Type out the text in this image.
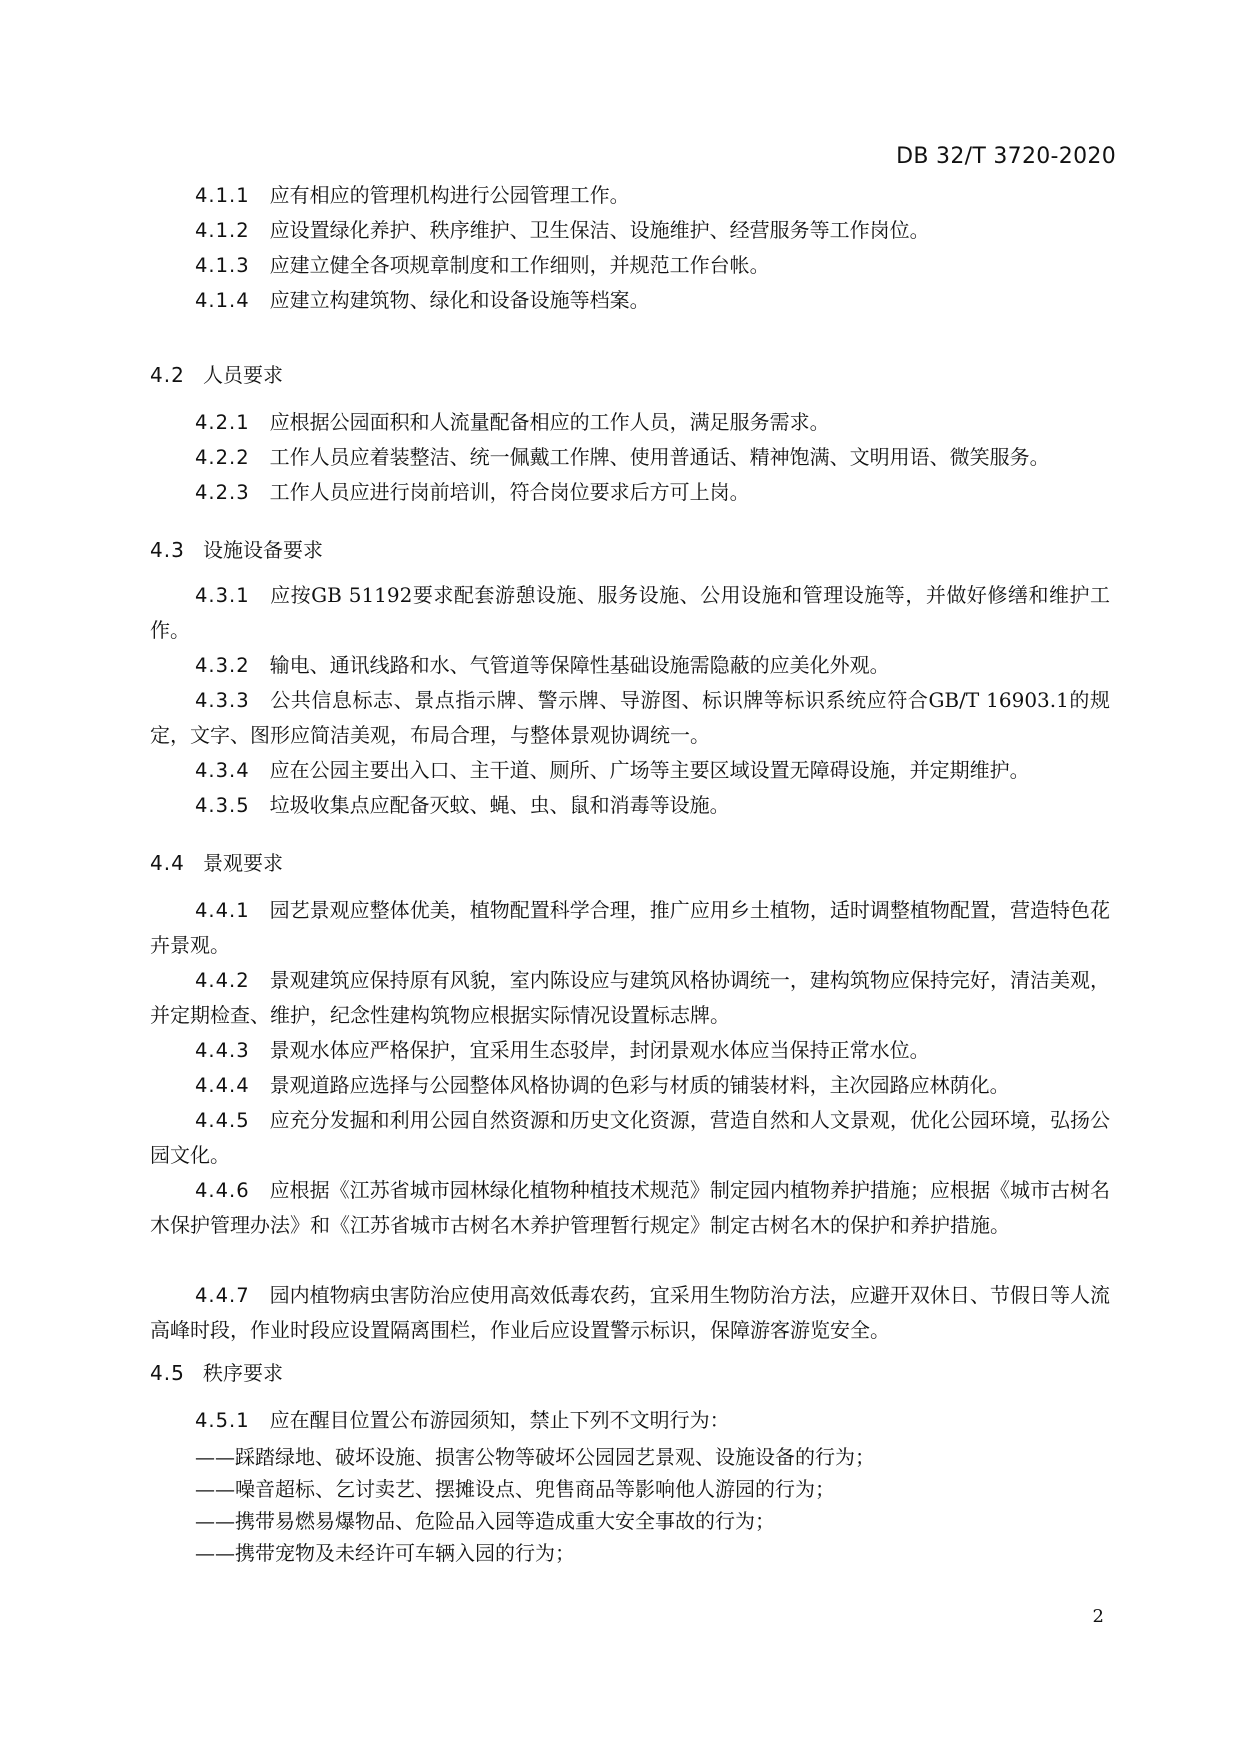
DB 32/T 3720-2020

4.1.1 应有相应的管理机构进行公园管理工作。

4.1.2 应设置绿化养护、秩序维护、卫生保洁、设施维护、经营服务等工作岗位。

4.1.3 应建立健全各项规章制度和工作细则，并规范工作台帐。

4.1.4 应建立构建筑物、绿化和设备设施等档案。

4.2 人员要求

4.2.1 应根据公园面积和人流量配备相应的工作人员，满足服务需求。

4.2.2 工作人员应着装整洁、统一佩戴工作牌、使用普通话、精神饱满、文明用语、微笑服务。

4.2.3 工作人员应进行岗前培训，符合岗位要求后方可上岗。

4.3 设施设备要求

4.3.1 应按GB 51192要求配套游憩设施、服务设施、公用设施和管理设施等，并做好修缮和维护工作。

4.3.2 输电、通讯线路和水、气管道等保障性基础设施需隐蔽的应美化外观。

4.3.3 公共信息标志、景点指示牌、警示牌、导游图、标识牌等标识系统应符合GB/T 16903.1的规定，文字、图形应简洁美观，布局合理，与整体景观协调统一。

4.3.4 应在公园主要出入口、主干道、厕所、广场等主要区域设置无障碍设施，并定期维护。

4.3.5 垃圾收集点应配备灭蚊、蝇、虫、鼠和消毒等设施。

4.4 景观要求

4.4.1 园艺景观应整体优美，植物配置科学合理，推广应用乡土植物，适时调整植物配置，营造特色花卉景观。

4.4.2 景观建筑应保持原有风貌，室内陈设应与建筑风格协调统一，建构筑物应保持完好，清洁美观，并定期检查、维护，纪念性建构筑物应根据实际情况设置标志牌。

4.4.3 景观水体应严格保护，宜采用生态驳岸，封闭景观水体应当保持正常水位。

4.4.4 景观道路应选择与公园整体风格协调的色彩与材质的铺装材料，主次园路应林荫化。

4.4.5 应充分发掘和利用公园自然资源和历史文化资源，营造自然和人文景观，优化公园环境，弘扬公园文化。

4.4.6 应根据《江苏省城市园林绿化植物种植技术规范》制定园内植物养护措施；应根据《城市古树名木保护管理办法》和《江苏省城市古树名木养护管理暂行规定》制定古树名木的保护和养护措施。

4.4.7 园内植物病虫害防治应使用高效低毒农药，宜采用生物防治方法，应避开双休日、节假日等人流高峰时段，作业时段应设置隔离围栏，作业后应设置警示标识，保障游客游览安全。

4.5 秩序要求

4.5.1 应在醒目位置公布游园须知，禁止下列不文明行为：

——踩踏绿地、破坏设施、损害公物等破坏公园园艺景观、设施设备的行为；

——噪音超标、乞讨卖艺、摆摊设点、兜售商品等影响他人游园的行为；

——携带易燃易爆物品、危险品入园等造成重大安全事故的行为；

——携带宠物及未经许可车辆入园的行为；

2
